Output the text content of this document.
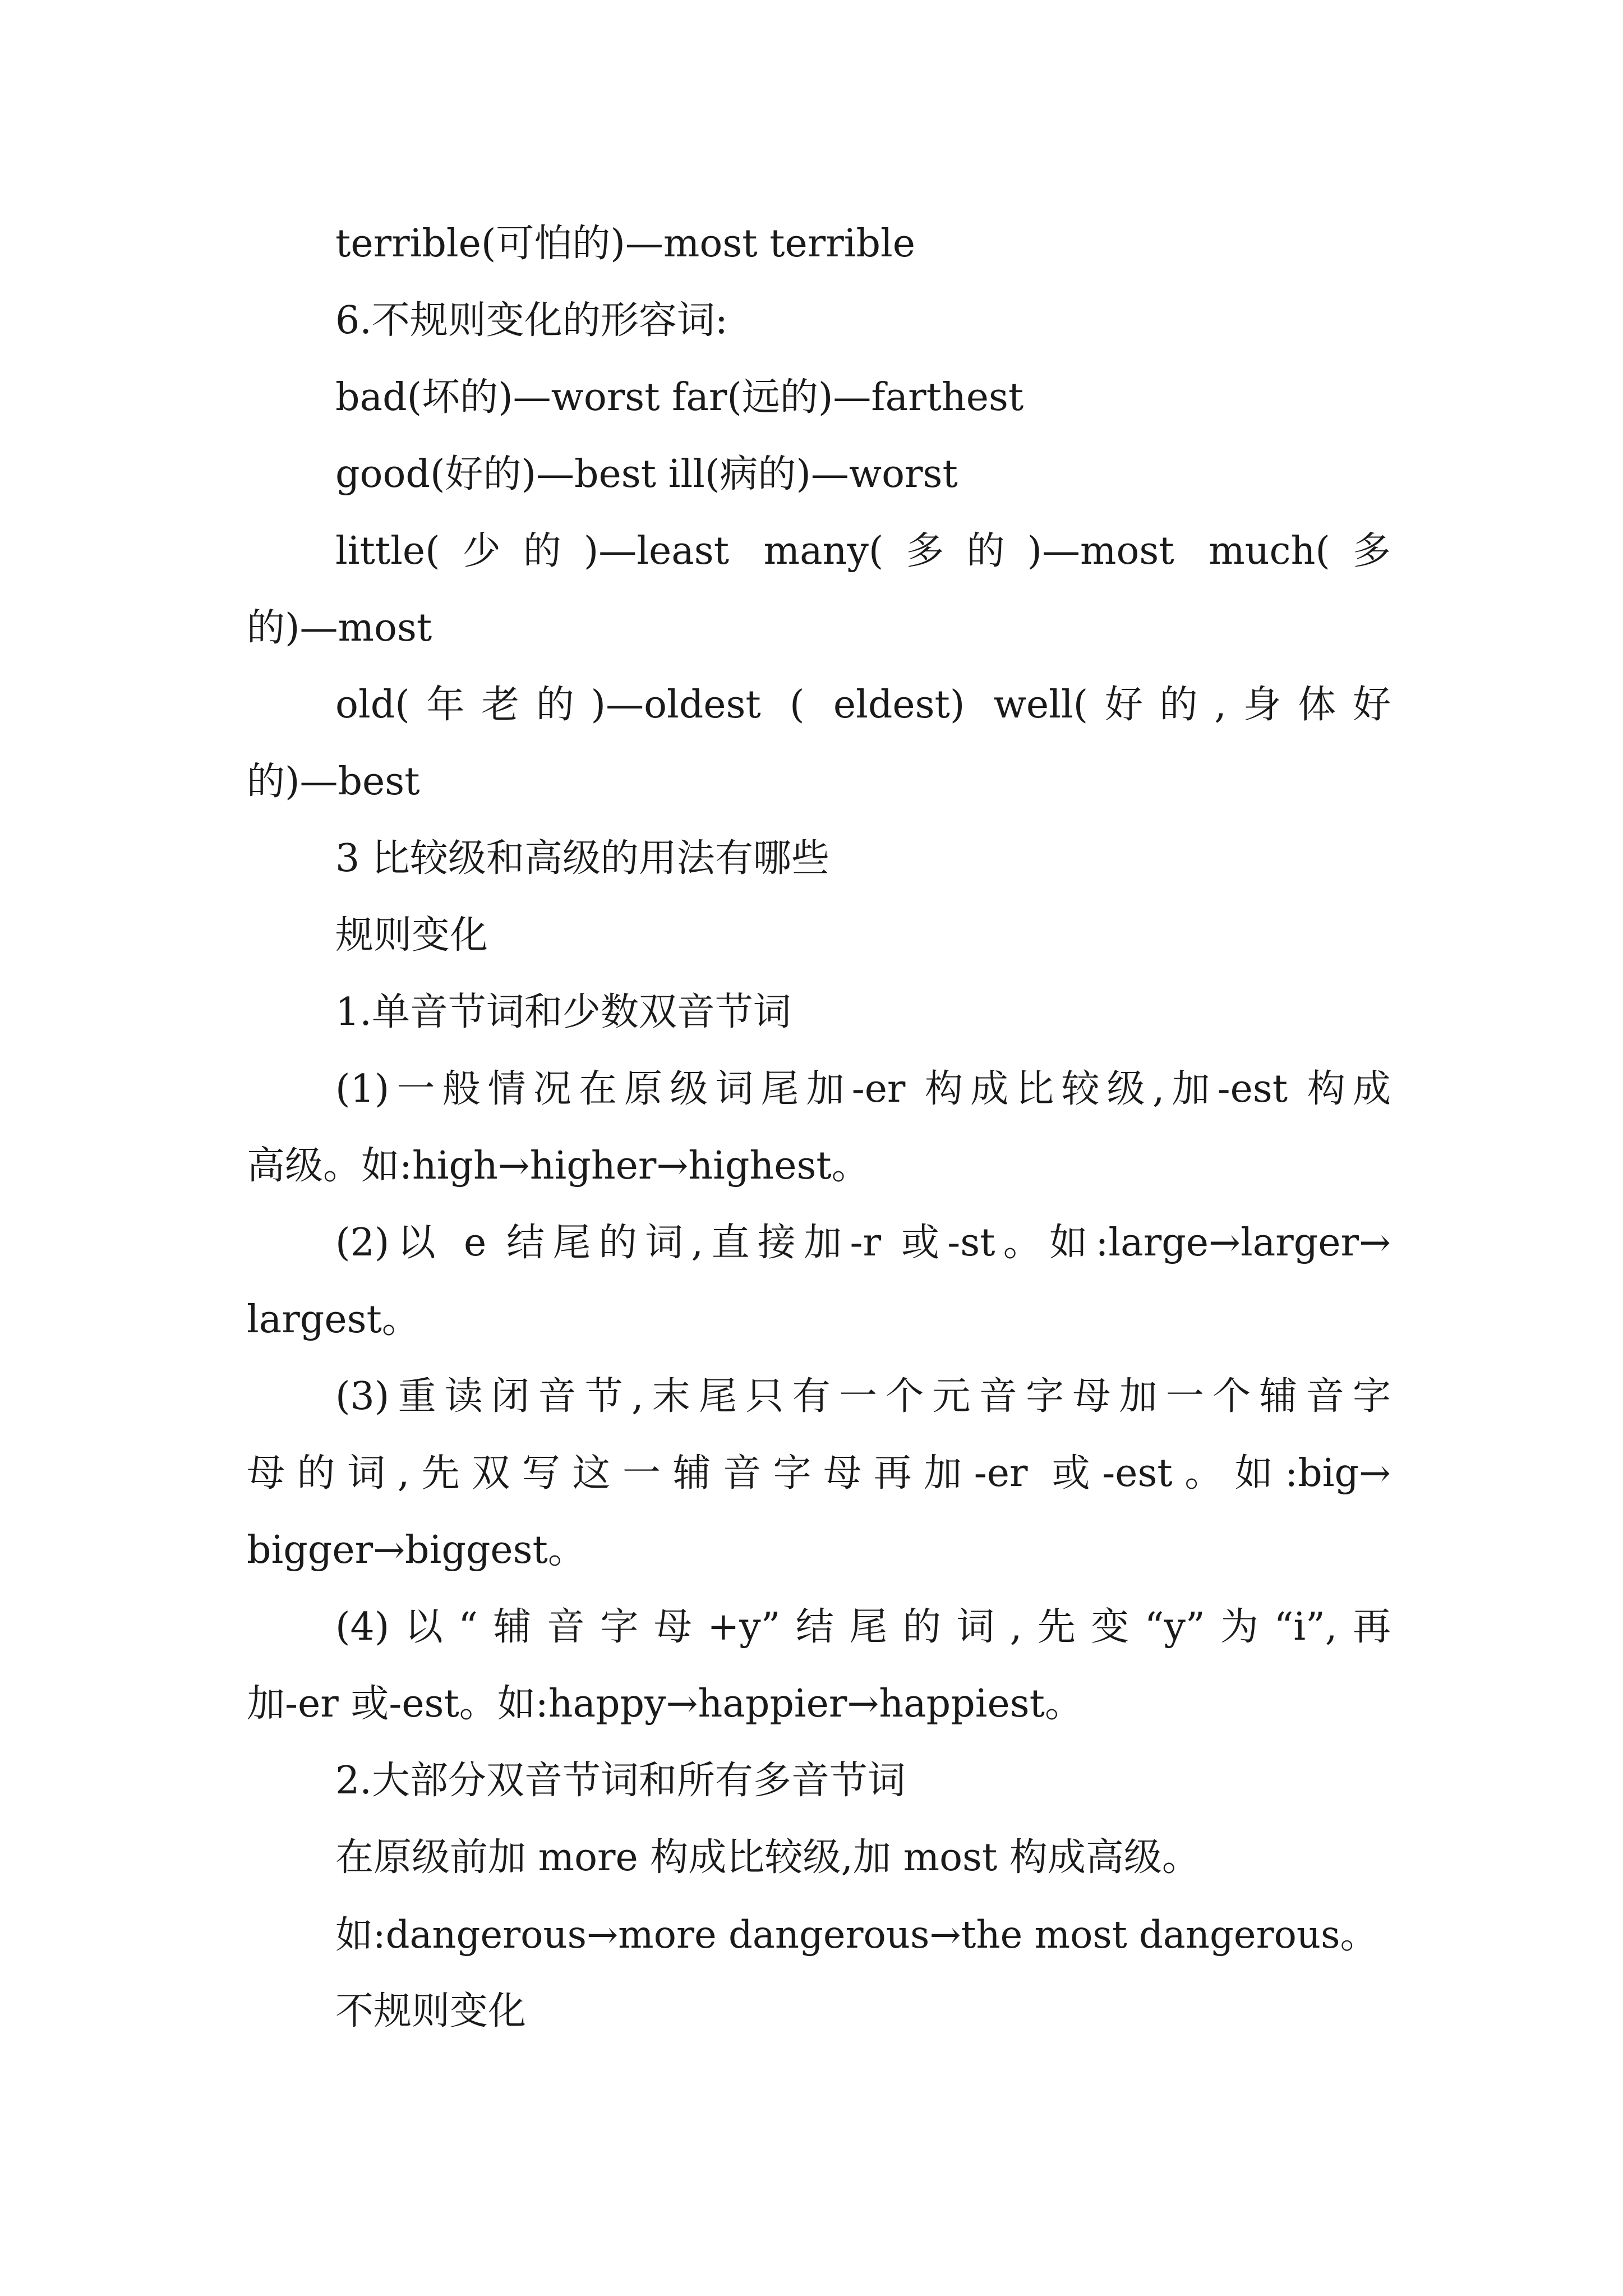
terrible(可怕的)—most terrible
6.不规则变化的形容词:
bad(坏的)—worst far(远的)—farthest
good(好的)—best ill(病的)—worst
little(少的)—least many(多的)—most much(多
的)—most
old(年老的)—oldest ( eldest) well(好的,身体好
的)—best
3 比较级和高级的用法有哪些
规则变化
1.单音节词和少数双音节词
(1)一般情况在原级词尾加-er 构成比较级,加-est 构成
高级。如:high→higher→highest。
(2)以 e 结尾的词,直接加-r 或-st。如:large→larger→
largest。
(3)重读闭音节,末尾只有一个元音字母加一个辅音字
母的词,先双写这一辅音字母再加-er 或-est。如:big→
bigger→biggest。
(4)以“辅音字母+y”结尾的词,先变“y”为“i”,再
加-er 或-est。如:happy→happier→happiest。
2.大部分双音节词和所有多音节词
在原级前加 more 构成比较级,加 most 构成高级。
如:dangerous→more dangerous→the most dangerous。
不规则变化
